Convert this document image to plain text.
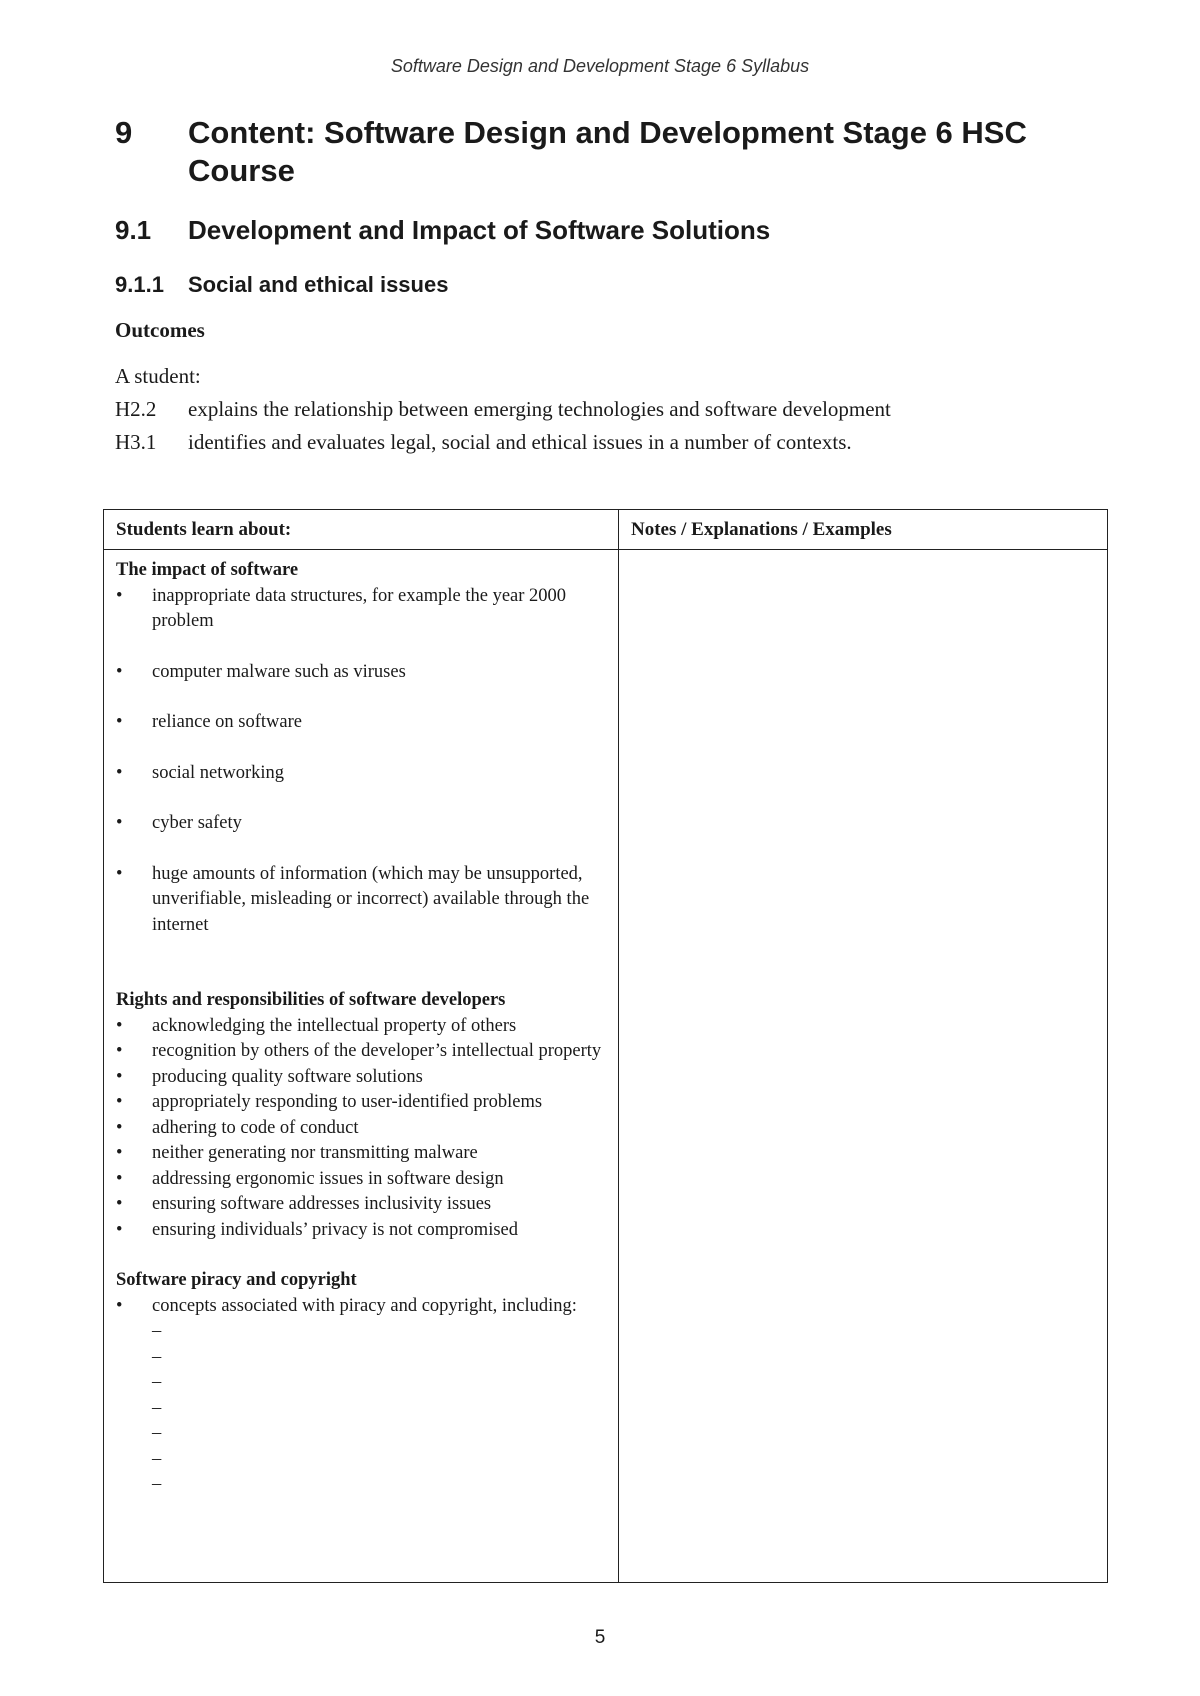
Software Design and Development Stage 6 Syllabus
9	Content: Software Design and Development Stage 6 HSC Course
9.1	Development and Impact of Software Solutions
9.1.1	Social and ethical issues
Outcomes
A student:
H2.2	explains the relationship between emerging technologies and software development
H3.1	identifies and evaluates legal, social and ethical issues in a number of contexts.
Students learn about:	Notes / Explanations / Examples
The impact of software
•	inappropriate data structures, for example the year 2000 problem
•	computer malware such as viruses
•	reliance on software
•	social networking
•	cyber safety
•	huge amounts of information (which may be unsupported, unverifiable, misleading or incorrect) available through the internet
Rights and responsibilities of software developers
•	acknowledging the intellectual property of others
•	recognition by others of the developer’s intellectual property
•	producing quality software solutions
•	appropriately responding to user-identified problems
•	adhering to code of conduct
•	neither generating nor transmitting malware
•	addressing ergonomic issues in software design
•	ensuring software addresses inclusivity issues
•	ensuring individuals’ privacy is not compromised
Software piracy and copyright
•	concepts associated with piracy and copyright, including:
–
–
–
–
–
–
–
5
